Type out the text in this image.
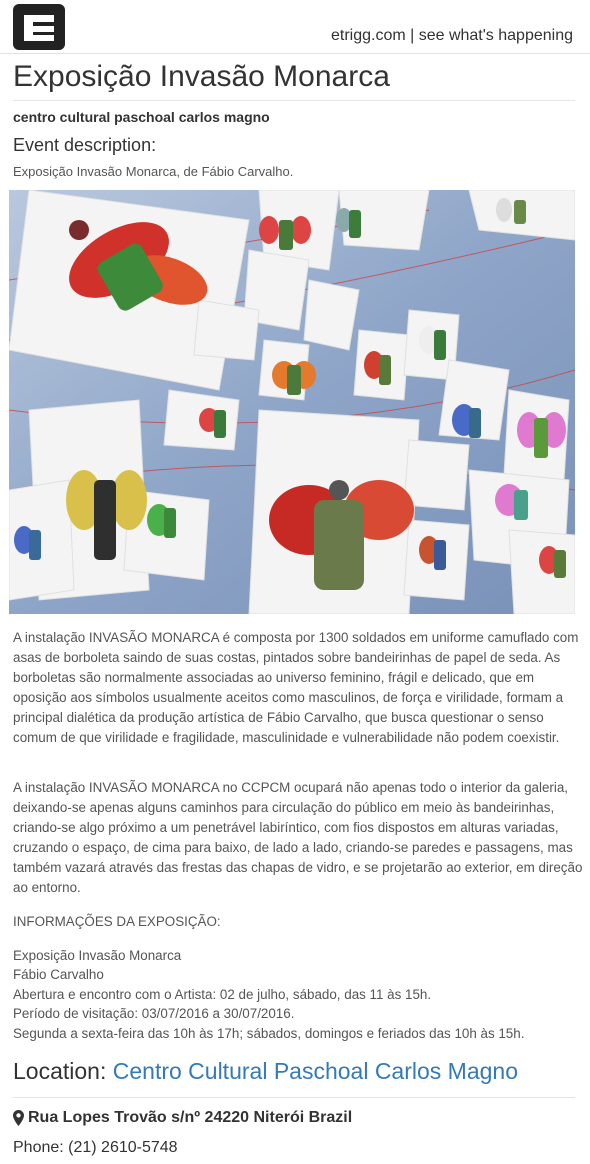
etrigg.com | see what's happening
Exposição Invasão Monarca
centro cultural paschoal carlos magno
Event description:
Exposição Invasão Monarca, de Fábio Carvalho.

A instalação INVASÃO MONARCA é composta por 1300 soldados em uniforme camuflado com asas de borboleta saindo de suas costas, pintados sobre bandeirinhas de papel de seda. As borboletas são normalmente associadas ao universo feminino, frágil e delicado, que em oposição aos símbolos usualmente aceitos como masculinos, de força e virilidade, formam a principal dialética da produção artística de Fábio Carvalho, que busca questionar o senso comum de que virilidade e fragilidade, masculinidade e vulnerabilidade não podem coexistir.

A instalação INVASÃO MONARCA no CCPCM ocupará não apenas todo o interior da galeria, deixando-se apenas alguns caminhos para circulação do público em meio às bandeirinhas, criando-se algo próximo a um penetrável labiríntico, com fios dispostos em alturas variadas, cruzando o espaço, de cima para baixo, de lado a lado, criando-se paredes e passagens, mas também vazará através das frestas das chapas de vidro, e se projetarão ao exterior, em direção ao entorno.

INFORMAÇÕES DA EXPOSIÇÃO:
Exposição Invasão Monarca
Fábio Carvalho
Abertura e encontro com o Artista: 02 de julho, sábado, das 11 às 15h.
Período de visitação: 03/07/2016 a 30/07/2016.
Segunda a sexta-feira das 10h às 17h; sábados, domingos e feriados das 10h às 15h.
Location: Centro Cultural Paschoal Carlos Magno
Rua Lopes Trovão s/nº 24220 Niterói Brazil
Phone: (21) 2610-5748
